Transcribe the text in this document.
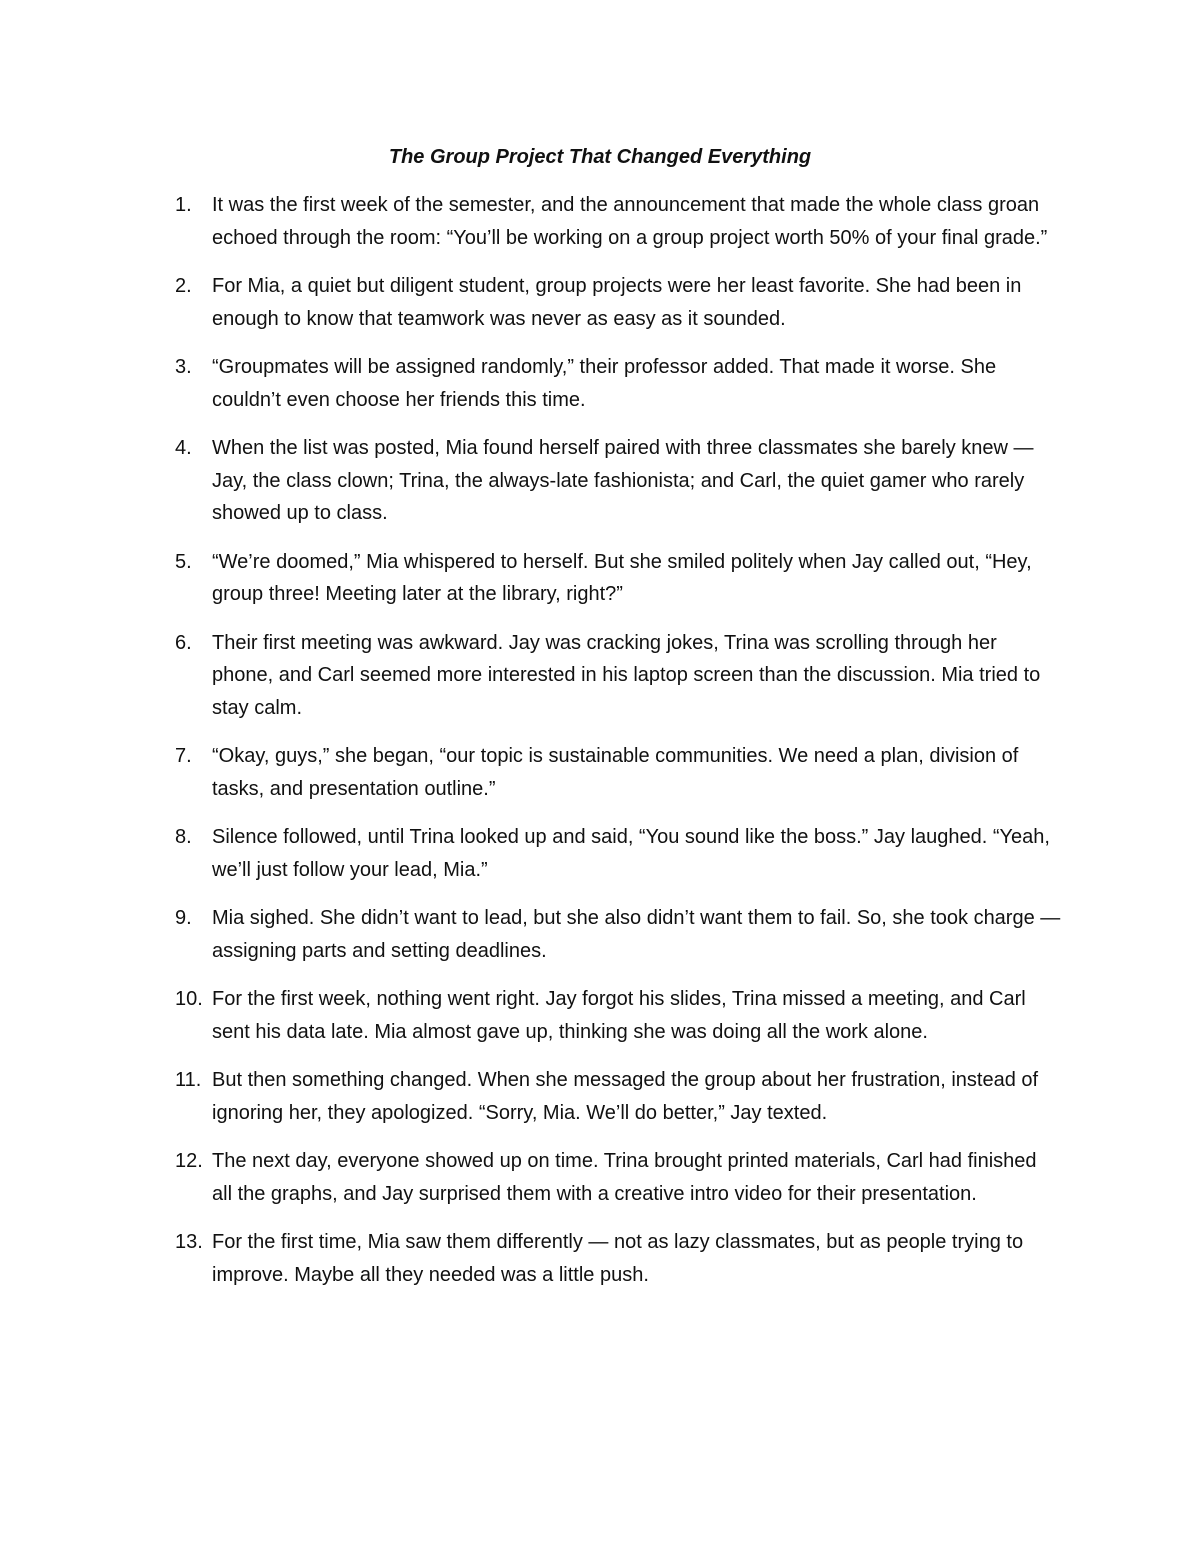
The Group Project That Changed Everything
1.	It was the first week of the semester, and the announcement that made the whole class groan echoed through the room: “You’ll be working on a group project worth 50% of your final grade.”
2.	For Mia, a quiet but diligent student, group projects were her least favorite. She had been in enough to know that teamwork was never as easy as it sounded.
3.	“Groupmates will be assigned randomly,” their professor added. That made it worse. She couldn’t even choose her friends this time.
4.	When the list was posted, Mia found herself paired with three classmates she barely knew — Jay, the class clown; Trina, the always-late fashionista; and Carl, the quiet gamer who rarely showed up to class.
5.	“We’re doomed,” Mia whispered to herself. But she smiled politely when Jay called out, “Hey, group three! Meeting later at the library, right?”
6.	Their first meeting was awkward. Jay was cracking jokes, Trina was scrolling through her phone, and Carl seemed more interested in his laptop screen than the discussion. Mia tried to stay calm.
7.	“Okay, guys,” she began, “our topic is sustainable communities. We need a plan, division of tasks, and presentation outline.”
8.	Silence followed, until Trina looked up and said, “You sound like the boss.” Jay laughed. “Yeah, we’ll just follow your lead, Mia.”
9.	Mia sighed. She didn’t want to lead, but she also didn’t want them to fail. So, she took charge — assigning parts and setting deadlines.
10. For the first week, nothing went right. Jay forgot his slides, Trina missed a meeting, and Carl sent his data late. Mia almost gave up, thinking she was doing all the work alone.
11. But then something changed. When she messaged the group about her frustration, instead of ignoring her, they apologized. “Sorry, Mia. We’ll do better,” Jay texted.
12. The next day, everyone showed up on time. Trina brought printed materials, Carl had finished all the graphs, and Jay surprised them with a creative intro video for their presentation.
13. For the first time, Mia saw them differently — not as lazy classmates, but as people trying to improve. Maybe all they needed was a little push.
